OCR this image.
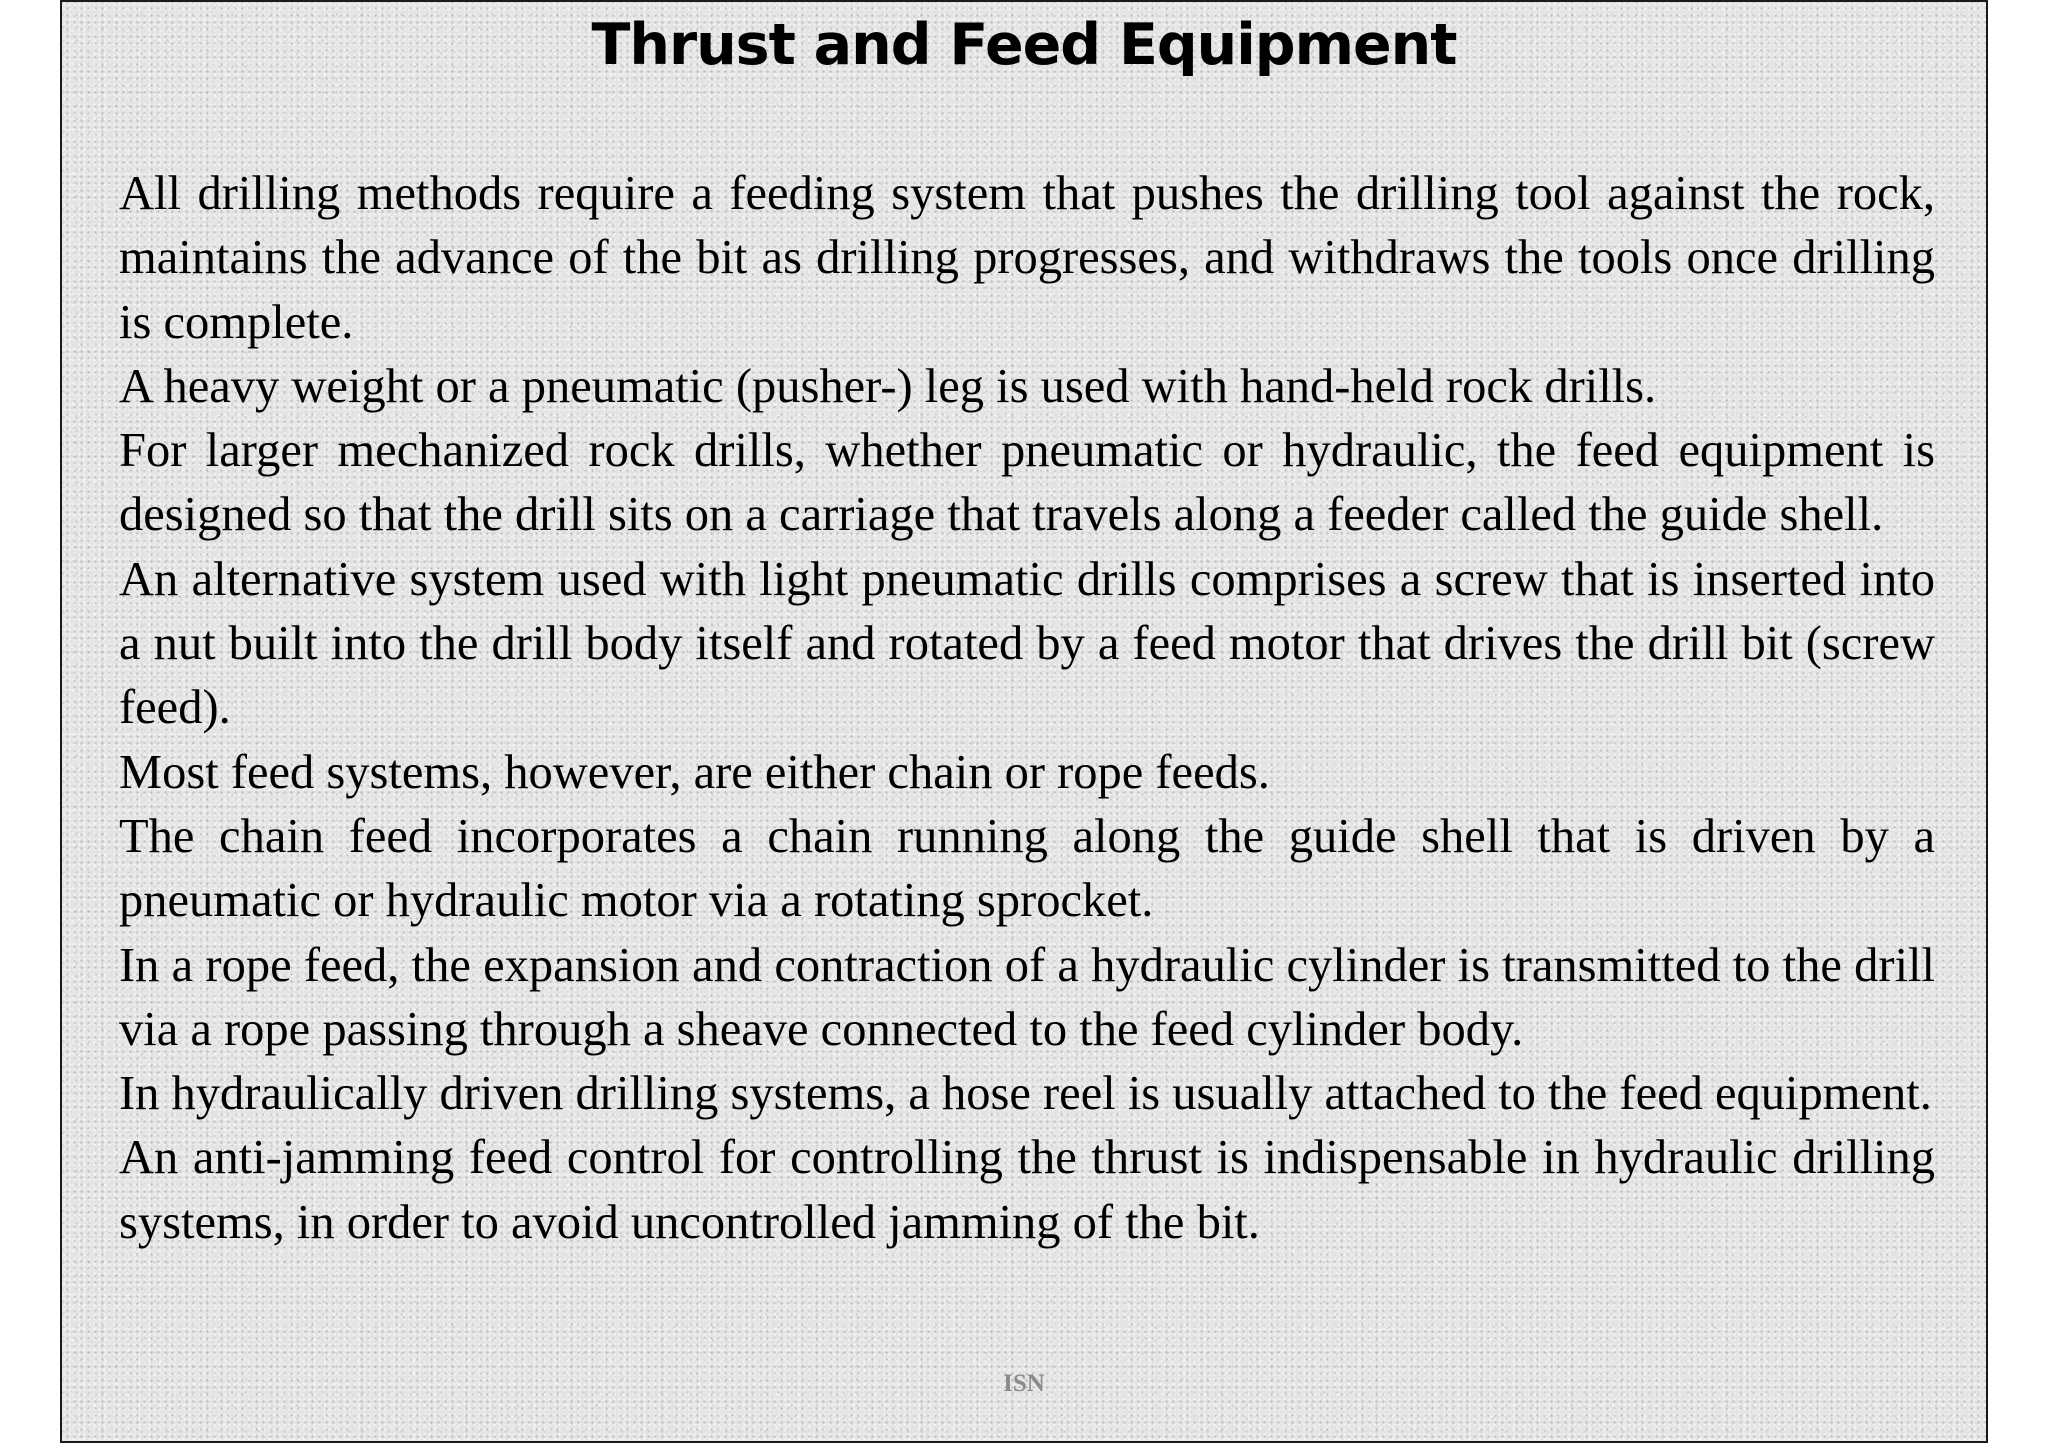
Thrust and Feed Equipment

All drilling methods require a feeding system that pushes the drilling tool against the rock, maintains the advance of the bit as drilling progresses, and withdraws the tools once drilling is complete.

A heavy weight or a pneumatic (pusher-) leg is used with hand-held rock drills.

For larger mechanized rock drills, whether pneumatic or hydraulic, the feed equipment is designed so that the drill sits on a carriage that travels along a feeder called the guide shell.

An alternative system used with light pneumatic drills comprises a screw that is inserted into a nut built into the drill body itself and rotated by a feed motor that drives the drill bit (screw feed).

Most feed systems, however, are either chain or rope feeds.

The chain feed incorporates a chain running along the guide shell that is driven by a pneumatic or hydraulic motor via a rotating sprocket.

In a rope feed, the expansion and contraction of a hydraulic cylinder is transmitted to the drill via a rope passing through a sheave connected to the feed cylinder body.

In hydraulically driven drilling systems, a hose reel is usually attached to the feed equipment.

An anti-jamming feed control for controlling the thrust is indispensable in hydraulic drilling systems, in order to avoid uncontrolled jamming of the bit.

ISN
